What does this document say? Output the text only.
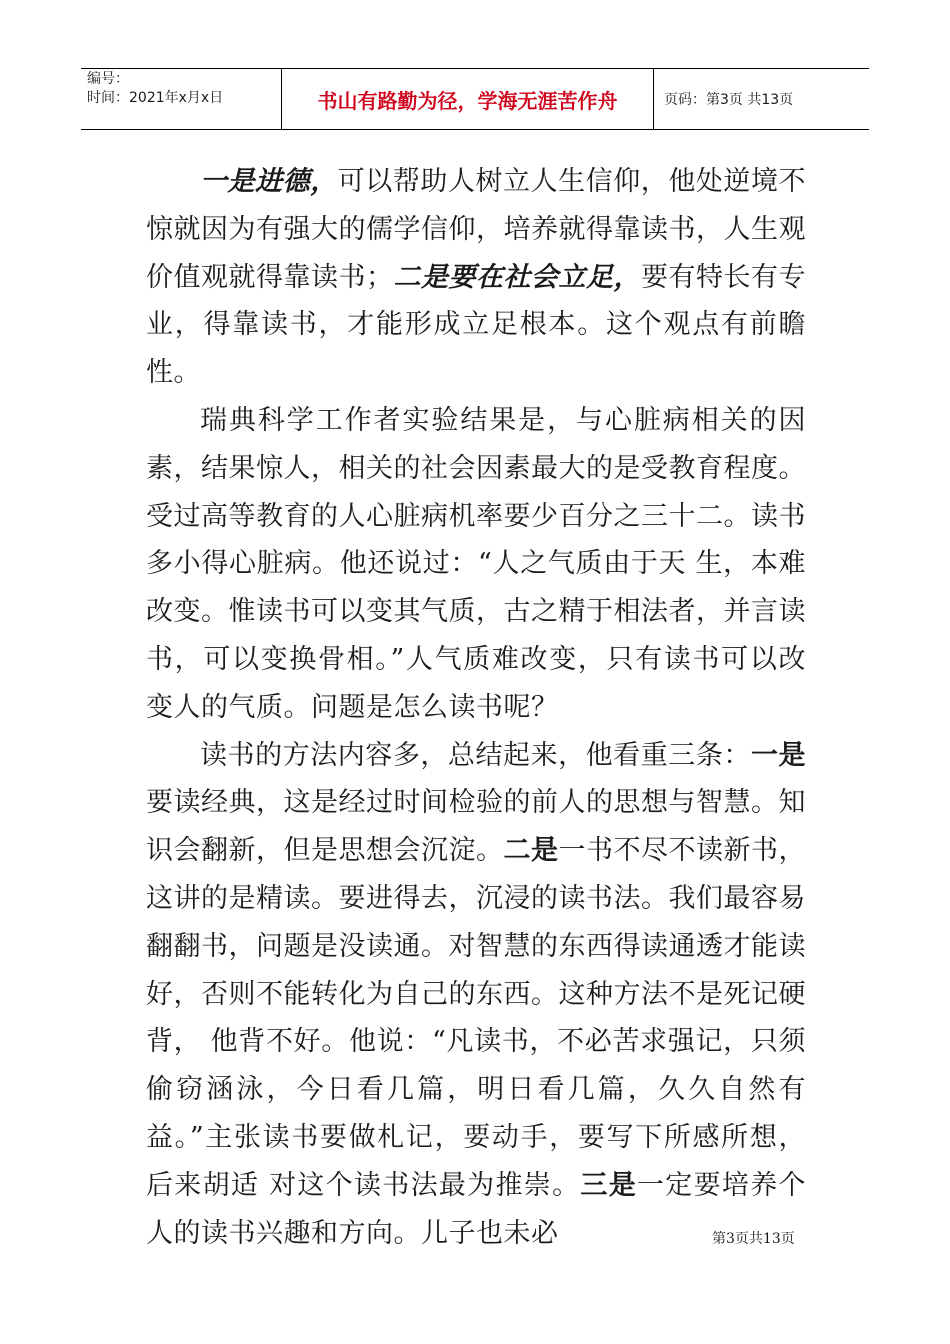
编号：
时间：2021年x月x日	书山有路勤为径，学海无涯苦作舟	页码：第3页 共13页

一是进德，可以帮助人树立人生信仰，他处逆境不惊就因为有强大的儒学信仰，培养就得靠读书，人生观价值观就得靠读书；二是要在社会立足，要有特长有专业，得靠读书，才能形成立足根本。这个观点有前瞻性。

瑞典科学工作者实验结果是，与心脏病相关的因素，结果惊人，相关的社会因素最大的是受教育程度。受过高等教育的人心脏病机率要少百分之三十二。读书多小得心脏病。他还说过：“人之气质由于天 生，本难改变。惟读书可以变其气质，古之精于相法者，并言读书，可以变换骨相。”人气质难改变，只有读书可以改变人的气质。问题是怎么读书呢？

读书的方法内容多，总结起来，他看重三条：一是要读经典，这是经过时间检验的前人的思想与智慧。知识会翻新，但是思想会沉淀。二是一书不尽不读新书，这讲的是精读。要进得去，沉浸的读书法。我们最容易翻翻书，问题是没读通。对智慧的东西得读通透才能读好，否则不能转化为自己的东西。这种方法不是死记硬背， 他背不好。他说：“凡读书，不必苦求强记，只须偷窃涵泳，今日看几篇，明日看几篇，久久自然有益。”主张读书要做札记，要动手，要写下所感所想，后来胡适 对这个读书法最为推崇。三是一定要培养个人的读书兴趣和方向。儿子也未必	第3页共13页
